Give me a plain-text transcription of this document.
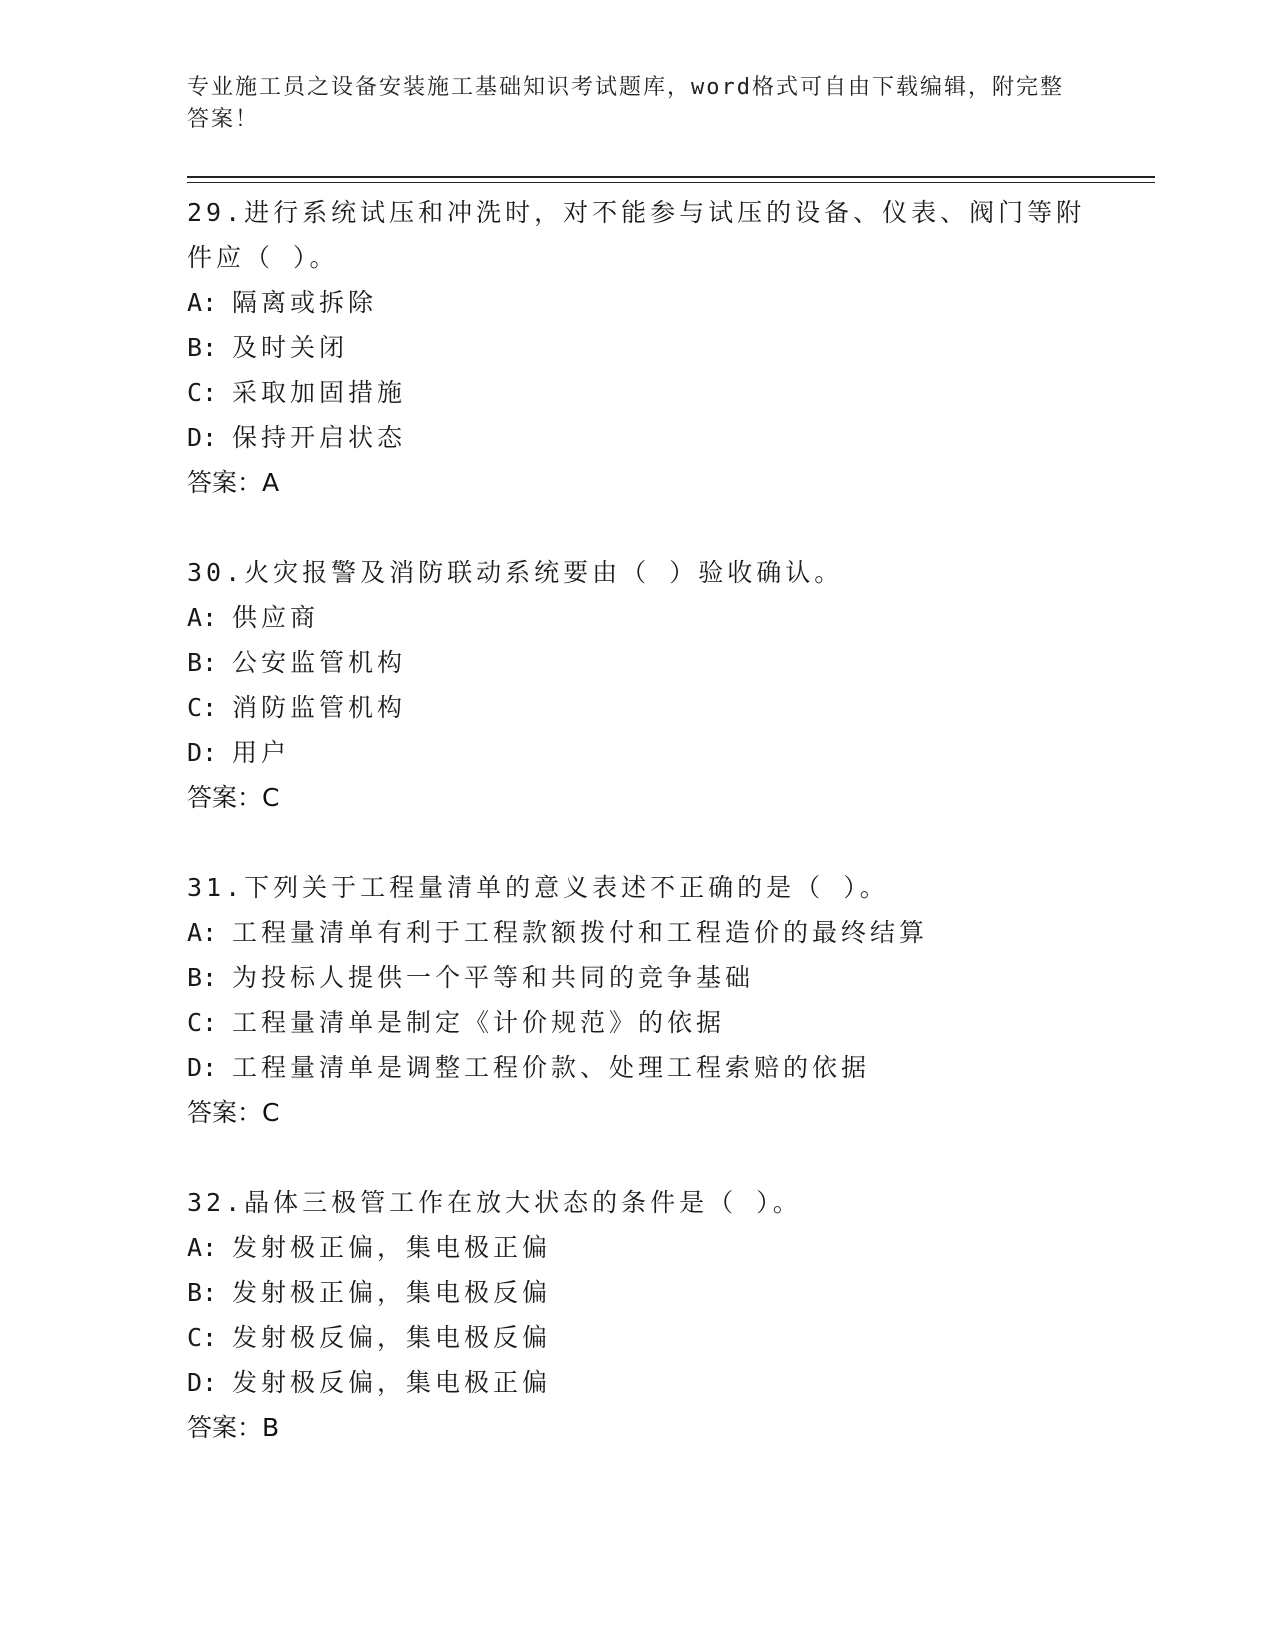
专业施工员之设备安装施工基础知识考试题库，word格式可自由下载编辑，附完整答案！
29.进行系统试压和冲洗时，对不能参与试压的设备、仪表、阀门等附件应（ ）。
A: 隔离或拆除
B: 及时关闭
C: 采取加固措施
D: 保持开启状态
答案：A
30.火灾报警及消防联动系统要由（ ）验收确认。
A: 供应商
B: 公安监管机构
C: 消防监管机构
D: 用户
答案：C
31.下列关于工程量清单的意义表述不正确的是（ ）。
A: 工程量清单有利于工程款额拨付和工程造价的最终结算
B: 为投标人提供一个平等和共同的竞争基础
C: 工程量清单是制定《计价规范》的依据
D: 工程量清单是调整工程价款、处理工程索赔的依据
答案：C
32.晶体三极管工作在放大状态的条件是（ ）。
A: 发射极正偏，集电极正偏
B: 发射极正偏，集电极反偏
C: 发射极反偏，集电极反偏
D: 发射极反偏，集电极正偏
答案：B
